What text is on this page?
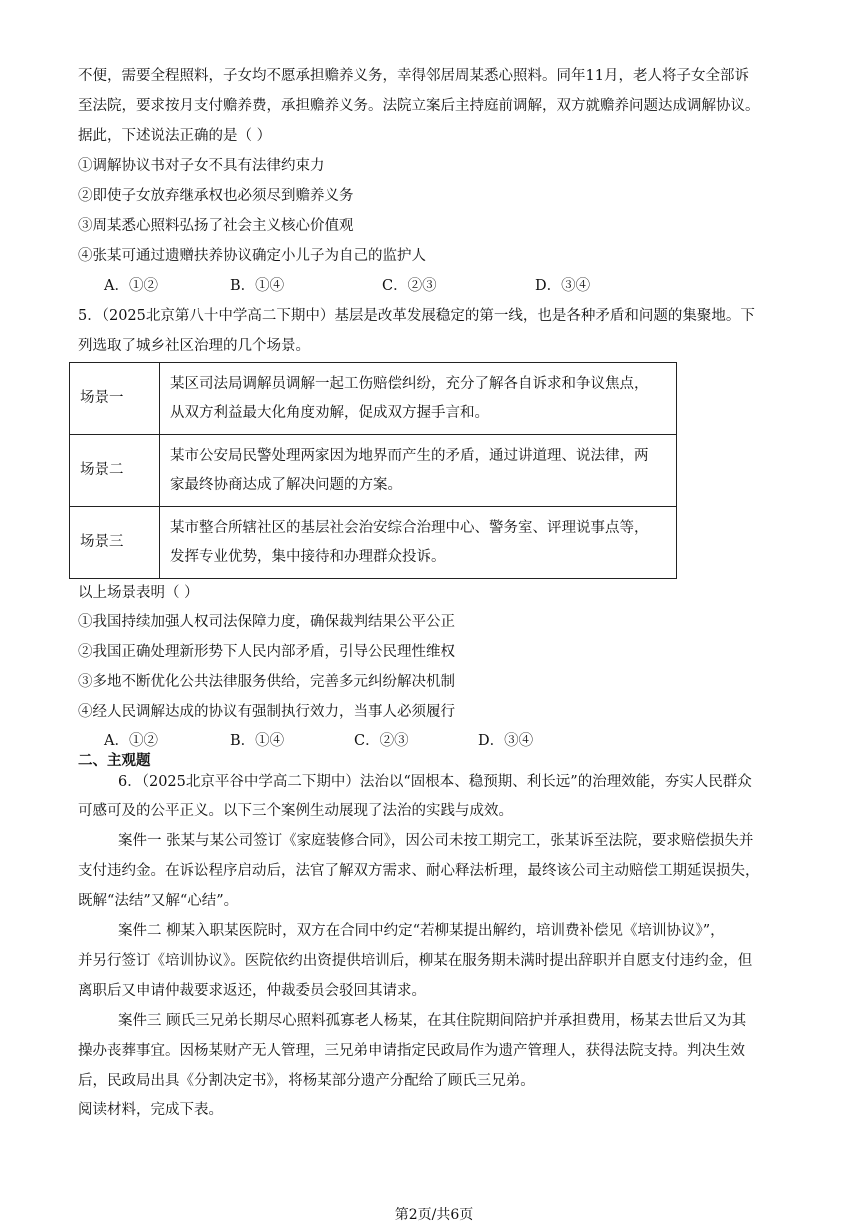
不便，需要全程照料，子女均不愿承担赡养义务，幸得邻居周某悉心照料。同年11月，老人将子女全部诉
至法院，要求按月支付赡养费，承担赡养义务。法院立案后主持庭前调解，双方就赡养问题达成调解协议。
据此，下述说法正确的是（ ）
①调解协议书对子女不具有法律约束力
②即使子女放弃继承权也必须尽到赡养义务
③周某悉心照料弘扬了社会主义核心价值观
④张某可通过遗赠扶养协议确定小儿子为自己的监护人
A．①②	B．①④	C．②③	D．③④
5．（2025北京第八十中学高二下期中）基层是改革发展稳定的第一线，也是各种矛盾和问题的集聚地。下
列选取了城乡社区治理的几个场景。
场景一	某区司法局调解员调解一起工伤赔偿纠纷，充分了解各自诉求和争议焦点，
从双方利益最大化角度劝解，促成双方握手言和。

场景二	某市公安局民警处理两家因为地界而产生的矛盾，通过讲道理、说法律，两
家最终协商达成了解决问题的方案。

场景三	某市整合所辖社区的基层社会治安综合治理中心、警务室、评理说事点等，
发挥专业优势，集中接待和办理群众投诉。
以上场景表明（ ）
①我国持续加强人权司法保障力度，确保裁判结果公平公正
②我国正确处理新形势下人民内部矛盾，引导公民理性维权
③多地不断优化公共法律服务供给，完善多元纠纷解决机制
④经人民调解达成的协议有强制执行效力，当事人必须履行
A．①②	B．①④	C．②③	D．③④
二、主观题
6．（2025北京平谷中学高二下期中）法治以“固根本、稳预期、利长远”的治理效能，夯实人民群众
可感可及的公平正义。以下三个案例生动展现了法治的实践与成效。
案件一 张某与某公司签订《家庭装修合同》，因公司未按工期完工，张某诉至法院，要求赔偿损失并
支付违约金。在诉讼程序启动后，法官了解双方需求、耐心释法析理，最终该公司主动赔偿工期延误损失，
既解“法结”又解“心结”。
案件二 柳某入职某医院时，双方在合同中约定“若柳某提出解约，培训费补偿见《培训协议》”，
并另行签订《培训协议》。医院依约出资提供培训后，柳某在服务期未满时提出辞职并自愿支付违约金，但
离职后又申请仲裁要求返还，仲裁委员会驳回其请求。
案件三 顾氏三兄弟长期尽心照料孤寡老人杨某，在其住院期间陪护并承担费用，杨某去世后又为其
操办丧葬事宜。因杨某财产无人管理，三兄弟申请指定民政局作为遗产管理人，获得法院支持。判决生效
后，民政局出具《分割决定书》，将杨某部分遗产分配给了顾氏三兄弟。
阅读材料，完成下表。
第2页/共6页
